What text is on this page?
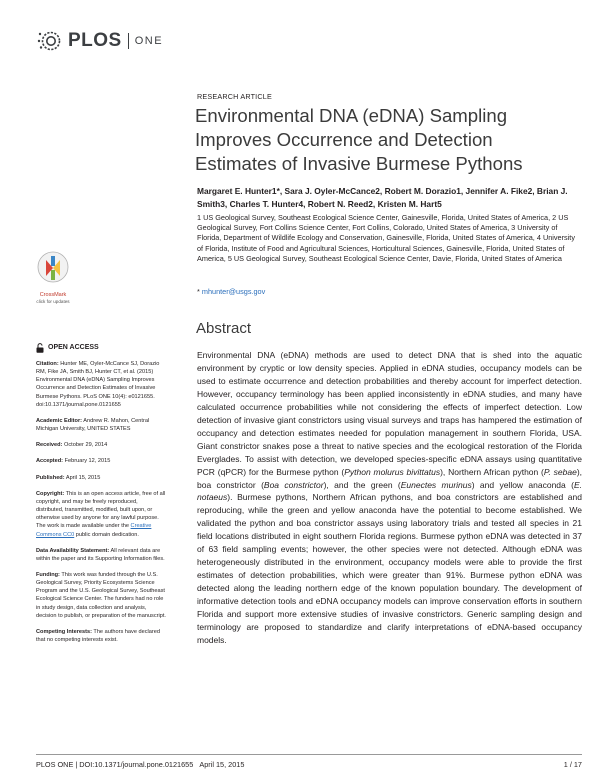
PLOS ONE
RESEARCH ARTICLE
Environmental DNA (eDNA) Sampling Improves Occurrence and Detection Estimates of Invasive Burmese Pythons
Margaret E. Hunter1*, Sara J. Oyler-McCance2, Robert M. Dorazio1, Jennifer A. Fike2, Brian J. Smith3, Charles T. Hunter4, Robert N. Reed2, Kristen M. Hart5
1 US Geological Survey, Southeast Ecological Science Center, Gainesville, Florida, United States of America, 2 US Geological Survey, Fort Collins Science Center, Fort Collins, Colorado, United States of America, 3 University of Florida, Department of Wildlife Ecology and Conservation, Gainesville, Florida, United States of America, 4 University of Florida, Institute of Food and Agricultural Sciences, Horticultural Sciences, Gainesville, Florida, United States of America, 5 US Geological Survey, Southeast Ecological Science Center, Davie, Florida, United States of America
* mhunter@usgs.gov
CrossMark
click for updates
OPEN ACCESS

Citation: Hunter ME, Oyler-McCance SJ, Dorazio RM, Fike JA, Smith BJ, Hunter CT, et al. (2015) Environmental DNA (eDNA) Sampling Improves Occurrence and Detection Estimates of Invasive Burmese Pythons. PLoS ONE 10(4): e0121655. doi:10.1371/journal.pone.0121655

Academic Editor: Andrew R. Mahon, Central Michigan University, UNITED STATES

Received: October 29, 2014

Accepted: February 12, 2015

Published: April 15, 2015

Copyright: This is an open access article, free of all copyright, and may be freely reproduced, distributed, transmitted, modified, built upon, or otherwise used by anyone for any lawful purpose. The work is made available under the Creative Commons CC0 public domain dedication.

Data Availability Statement: All relevant data are within the paper and its Supporting Information files.

Funding: This work was funded through the U.S. Geological Survey, Priority Ecosystems Science Program and the U.S. Geological Survey, Southeast Ecological Science Center. The funders had no role in study design, data collection and analysis, decision to publish, or preparation of the manuscript.

Competing Interests: The authors have declared that no competing interests exist.

Abstract
Environmental DNA (eDNA) methods are used to detect DNA that is shed into the aquatic environment by cryptic or low density species. Applied in eDNA studies, occupancy models can be used to estimate occurrence and detection probabilities and thereby account for imperfect detection. However, occupancy terminology has been applied inconsistently in eDNA studies, and many have calculated occurrence probabilities while not considering the effects of imperfect detection. Low detection of invasive giant constrictors using visual surveys and traps has hampered the estimation of occupancy and detection estimates needed for population management in southern Florida, USA. Giant constrictor snakes pose a threat to native species and the ecological restoration of the Florida Everglades. To assist with detection, we developed species-specific eDNA assays using quantitative PCR (qPCR) for the Burmese python (Python molurus bivittatus), Northern African python (P. sebae), boa constrictor (Boa constrictor), and the green (Eunectes murinus) and yellow anaconda (E. notaeus). Burmese pythons, Northern African pythons, and boa constrictors are established and reproducing, while the green and yellow anaconda have the potential to become established. We validated the python and boa constrictor assays using laboratory trials and tested all species in 21 field locations distributed in eight southern Florida regions. Burmese python eDNA was detected in 37 of 63 field sampling events; however, the other species were not detected. Although eDNA was heterogeneously distributed in the environment, occupancy models were able to provide the first estimates of detection probabilities, which were greater than 91%. Burmese python eDNA was detected along the leading northern edge of the known population boundary. The development of informative detection tools and eDNA occupancy models can improve conservation efforts in southern Florida and support more extensive studies of invasive constrictors. Generic sampling design and terminology are proposed to standardize and clarify interpretations of eDNA-based occupancy models.
PLOS ONE | DOI:10.1371/journal.pone.0121655 April 15, 2015	1 / 17
